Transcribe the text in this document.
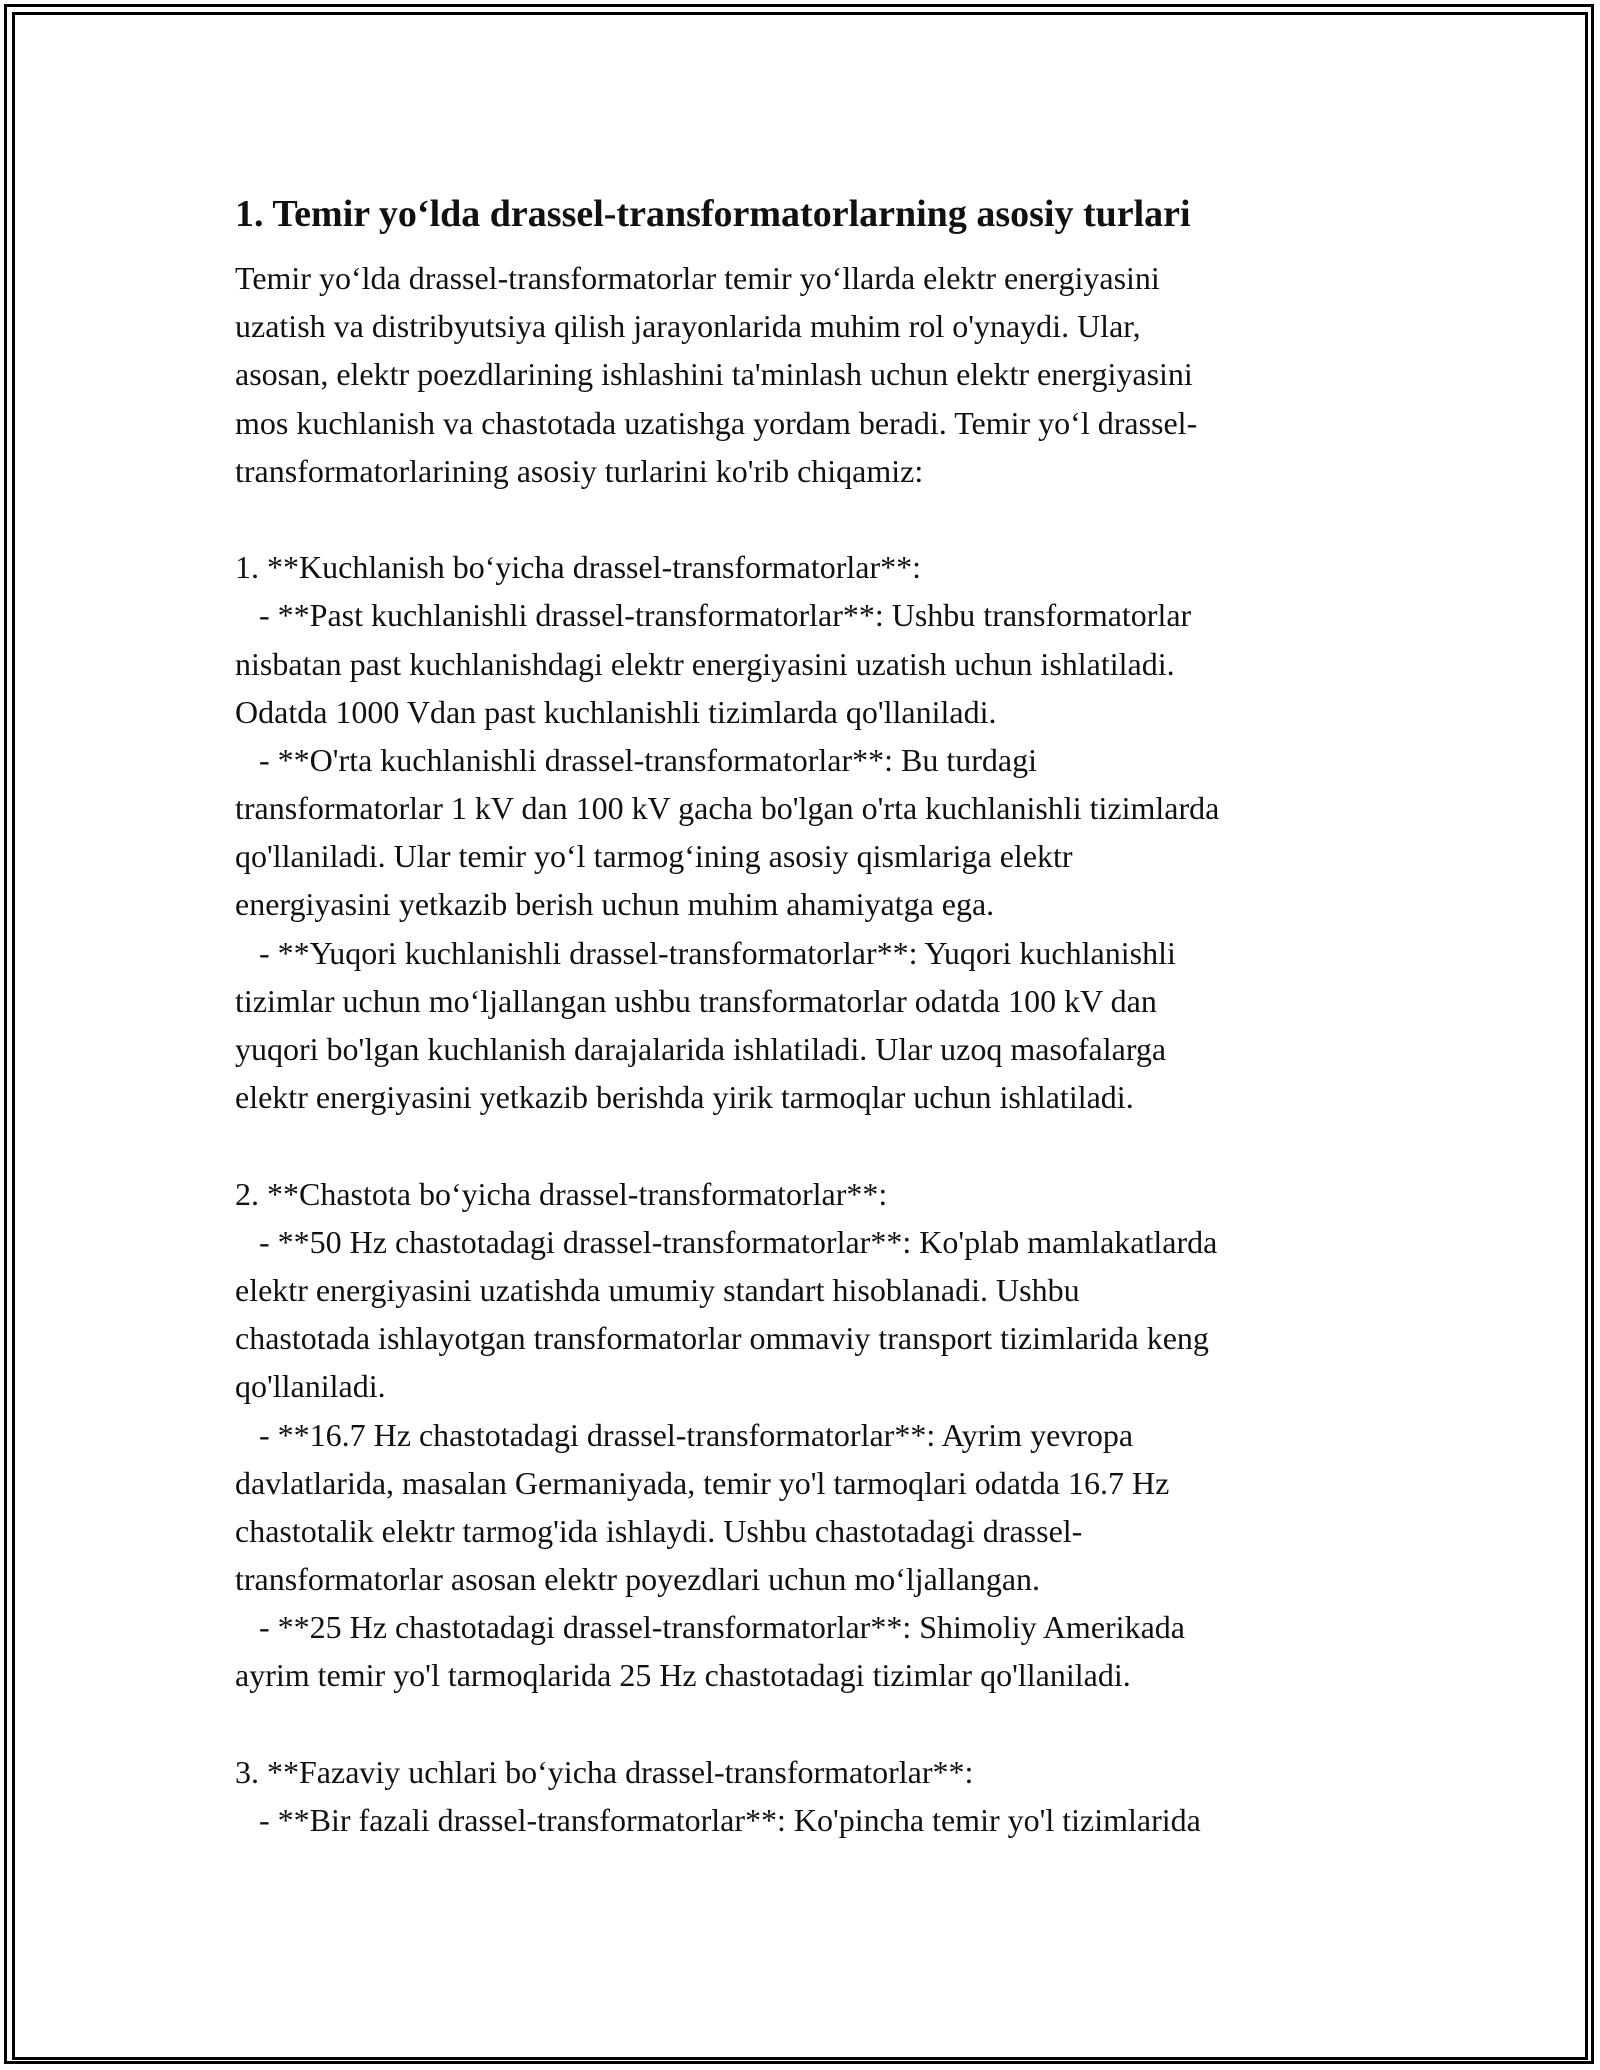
1. Temir yo‘lda drassel-transformatorlarning asosiy turlari
Temir yo‘lda drassel-transformatorlar temir yo‘llarda elektr energiyasini
uzatish va distribyutsiya qilish jarayonlarida muhim rol o'ynaydi. Ular,
asosan, elektr poezdlarining ishlashini ta'minlash uchun elektr energiyasini
mos kuchlanish va chastotada uzatishga yordam beradi. Temir yo‘l drassel-
transformatorlarining asosiy turlarini ko'rib chiqamiz:
1. **Kuchlanish bo‘yicha drassel-transformatorlar**:
- **Past kuchlanishli drassel-transformatorlar**: Ushbu transformatorlar
nisbatan past kuchlanishdagi elektr energiyasini uzatish uchun ishlatiladi.
Odatda 1000 Vdan past kuchlanishli tizimlarda qo'llaniladi.
- **O'rta kuchlanishli drassel-transformatorlar**: Bu turdagi
transformatorlar 1 kV dan 100 kV gacha bo'lgan o'rta kuchlanishli tizimlarda
qo'llaniladi. Ular temir yo‘l tarmog‘ining asosiy qismlariga elektr
energiyasini yetkazib berish uchun muhim ahamiyatga ega.
- **Yuqori kuchlanishli drassel-transformatorlar**: Yuqori kuchlanishli
tizimlar uchun mo‘ljallangan ushbu transformatorlar odatda 100 kV dan
yuqori bo'lgan kuchlanish darajalarida ishlatiladi. Ular uzoq masofalarga
elektr energiyasini yetkazib berishda yirik tarmoqlar uchun ishlatiladi.
2. **Chastota bo‘yicha drassel-transformatorlar**:
- **50 Hz chastotadagi drassel-transformatorlar**: Ko'plab mamlakatlarda
elektr energiyasini uzatishda umumiy standart hisoblanadi. Ushbu
chastotada ishlayotgan transformatorlar ommaviy transport tizimlarida keng
qo'llaniladi.
- **16.7 Hz chastotadagi drassel-transformatorlar**: Ayrim yevropa
davlatlarida, masalan Germaniyada, temir yo'l tarmoqlari odatda 16.7 Hz
chastotalik elektr tarmog'ida ishlaydi. Ushbu chastotadagi drassel-
transformatorlar asosan elektr poyezdlari uchun mo‘ljallangan.
- **25 Hz chastotadagi drassel-transformatorlar**: Shimoliy Amerikada
ayrim temir yo'l tarmoqlarida 25 Hz chastotadagi tizimlar qo'llaniladi.
3. **Fazaviy uchlari bo‘yicha drassel-transformatorlar**:
- **Bir fazali drassel-transformatorlar**: Ko'pincha temir yo'l tizimlarida
